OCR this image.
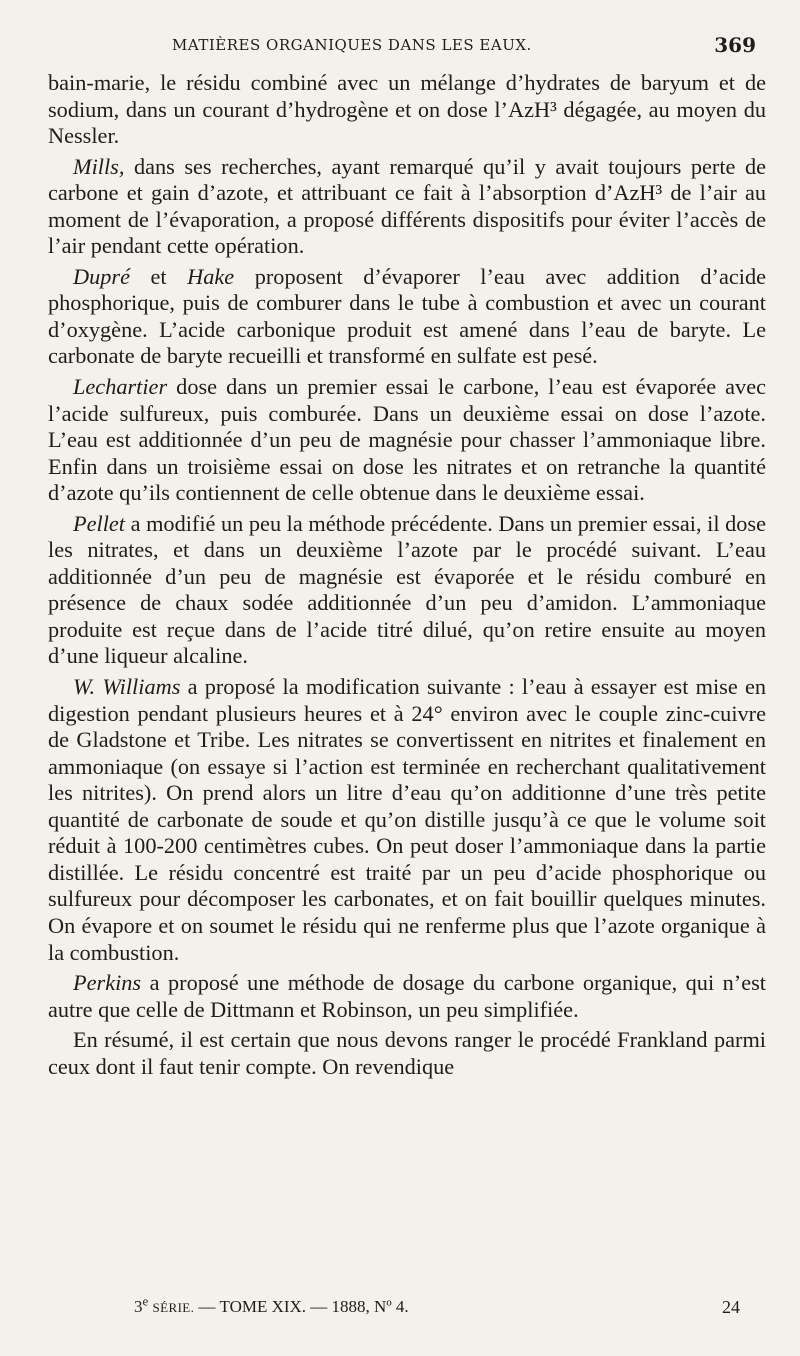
MATIÈRES ORGANIQUES DANS LES EAUX.	369

bain-marie, le résidu combiné avec un mélange d’hydrates de baryum et de sodium, dans un courant d’hydrogène et on dose l’AzH³ dégagée, au moyen du Nessler.

Mills, dans ses recherches, ayant remarqué qu’il y avait toujours perte de carbone et gain d’azote, et attribuant ce fait à l’absorption d’AzH³ de l’air au moment de l’évaporation, a proposé différents dispositifs pour éviter l’accès de l’air pendant cette opération.

Dupré et Hake proposent d’évaporer l’eau avec addition d’acide phosphorique, puis de comburer dans le tube à combustion et avec un courant d’oxygène. L’acide carbonique produit est amené dans l’eau de baryte. Le carbonate de baryte recueilli et transformé en sulfate est pesé.

Lechartier dose dans un premier essai le carbone, l’eau est évaporée avec l’acide sulfureux, puis comburée. Dans un deuxième essai on dose l’azote. L’eau est additionnée d’un peu de magnésie pour chasser l’ammoniaque libre. Enfin dans un troisième essai on dose les nitrates et on retranche la quantité d’azote qu’ils contiennent de celle obtenue dans le deuxième essai.

Pellet a modifié un peu la méthode précédente. Dans un premier essai, il dose les nitrates, et dans un deuxième l’azote par le procédé suivant. L’eau additionnée d’un peu de magnésie est évaporée et le résidu comburé en présence de chaux sodée additionnée d’un peu d’amidon. L’ammoniaque produite est reçue dans de l’acide titré dilué, qu’on retire ensuite au moyen d’une liqueur alcaline.

W. Williams a proposé la modification suivante : l’eau à essayer est mise en digestion pendant plusieurs heures et à 24° environ avec le couple zinc-cuivre de Gladstone et Tribe. Les nitrates se convertissent en nitrites et finalement en ammoniaque (on essaye si l’action est terminée en recherchant qualitativement les nitrites). On prend alors un litre d’eau qu’on additionne d’une très petite quantité de carbonate de soude et qu’on distille jusqu’à ce que le volume soit réduit à 100-200 centimètres cubes. On peut doser l’ammoniaque dans la partie distillée. Le résidu concentré est traité par un peu d’acide phosphorique ou sulfureux pour décomposer les carbonates, et on fait bouillir quelques minutes. On évapore et on soumet le résidu qui ne renferme plus que l’azote organique à la combustion.

Perkins a proposé une méthode de dosage du carbone organique, qui n’est autre que celle de Dittmann et Robinson, un peu simplifiée.

En résumé, il est certain que nous devons ranger le procédé Frankland parmi ceux dont il faut tenir compte. On revendique

3e SÉRIE. — TOME XIX. — 1888, Nº 4.	24
